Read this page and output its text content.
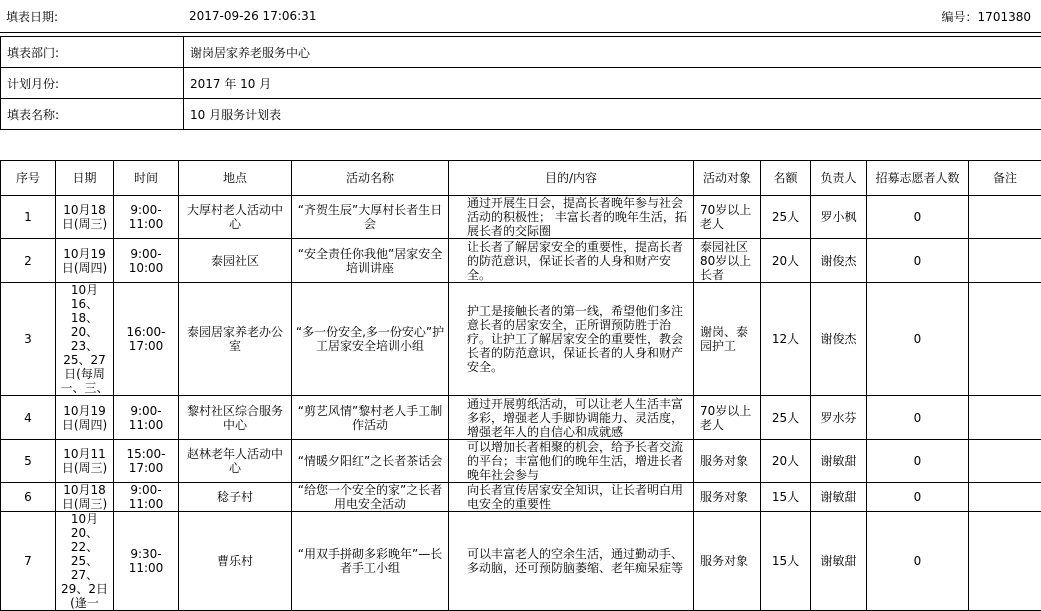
填表日期:	2017-09-26 17:06:31	编号：1701380
填表部门:	谢岗居家养老服务中心
计划月份:	2017 年 10 月
填表名称:	10 月服务计划表
序号	日期	时间	地点	活动名称	目的/内容	活动对象	名额	负责人	招募志愿者人数	备注
1	10月18日(周三)	9:00-11:00	大厚村老人活动中心	“齐贺生辰”大厚村长者生日会	通过开展生日会，提高长者晚年参与社会活动的积极性； 丰富长者的晚年生活，拓展长者的交际圈	70岁以上老人	25人	罗小枫	0	
2	10月19日(周四)	9:00-10:00	泰园社区	“安全责任你我他”居家安全培训讲座	让长者了解居家安全的重要性，提高长者的防范意识，保证长者的人身和财产安全。	泰园社区80岁以上长者	20人	谢俊杰	0	
3	10月16、18、20、23、25、27日(每周一、三、	16:00-17:00	泰园居家养老办公室	“多一份安全,多一份安心”护工居家安全培训小组	护工是接触长者的第一线，希望他们多注意长者的居家安全，正所谓预防胜于治疗。让护工了解居家安全的重要性，教会长者的防范意识，保证长者的人身和财产安全。	谢岗、泰园护工	12人	谢俊杰	0	
4	10月19日(周四)	9:00-11:00	黎村社区综合服务中心	“剪艺风情”黎村老人手工制作活动	通过开展剪纸活动，可以让老人生活丰富多彩，增强老人手脚协调能力、灵活度，增强老年人的自信心和成就感	70岁以上老人	25人	罗水芬	0	
5	10月11日(周三)	15:00-17:00	赵林老年人活动中心	“情暖夕阳红”之长者茶话会	可以增加长者相聚的机会，给予长者交流的平台；丰富他们的晚年生活，增进长者晚年社会参与	服务对象	20人	谢敏甜	0	
6	10月18日(周三)	9:00-11:00	稔子村	“给您一个安全的家”之长者用电安全活动	向长者宣传居家安全知识，让长者明白用电安全的重要性	服务对象	15人	谢敏甜	0	
7	10月20、22、25、27、29、2日(逢一	9:30-11:00	曹乐村	“用双手拼砌多彩晚年”—长者手工小组	可以丰富老人的空余生活，通过勤动手、多动脑，还可预防脑萎缩、老年痴呆症等	服务对象	15人	谢敏甜	0	
